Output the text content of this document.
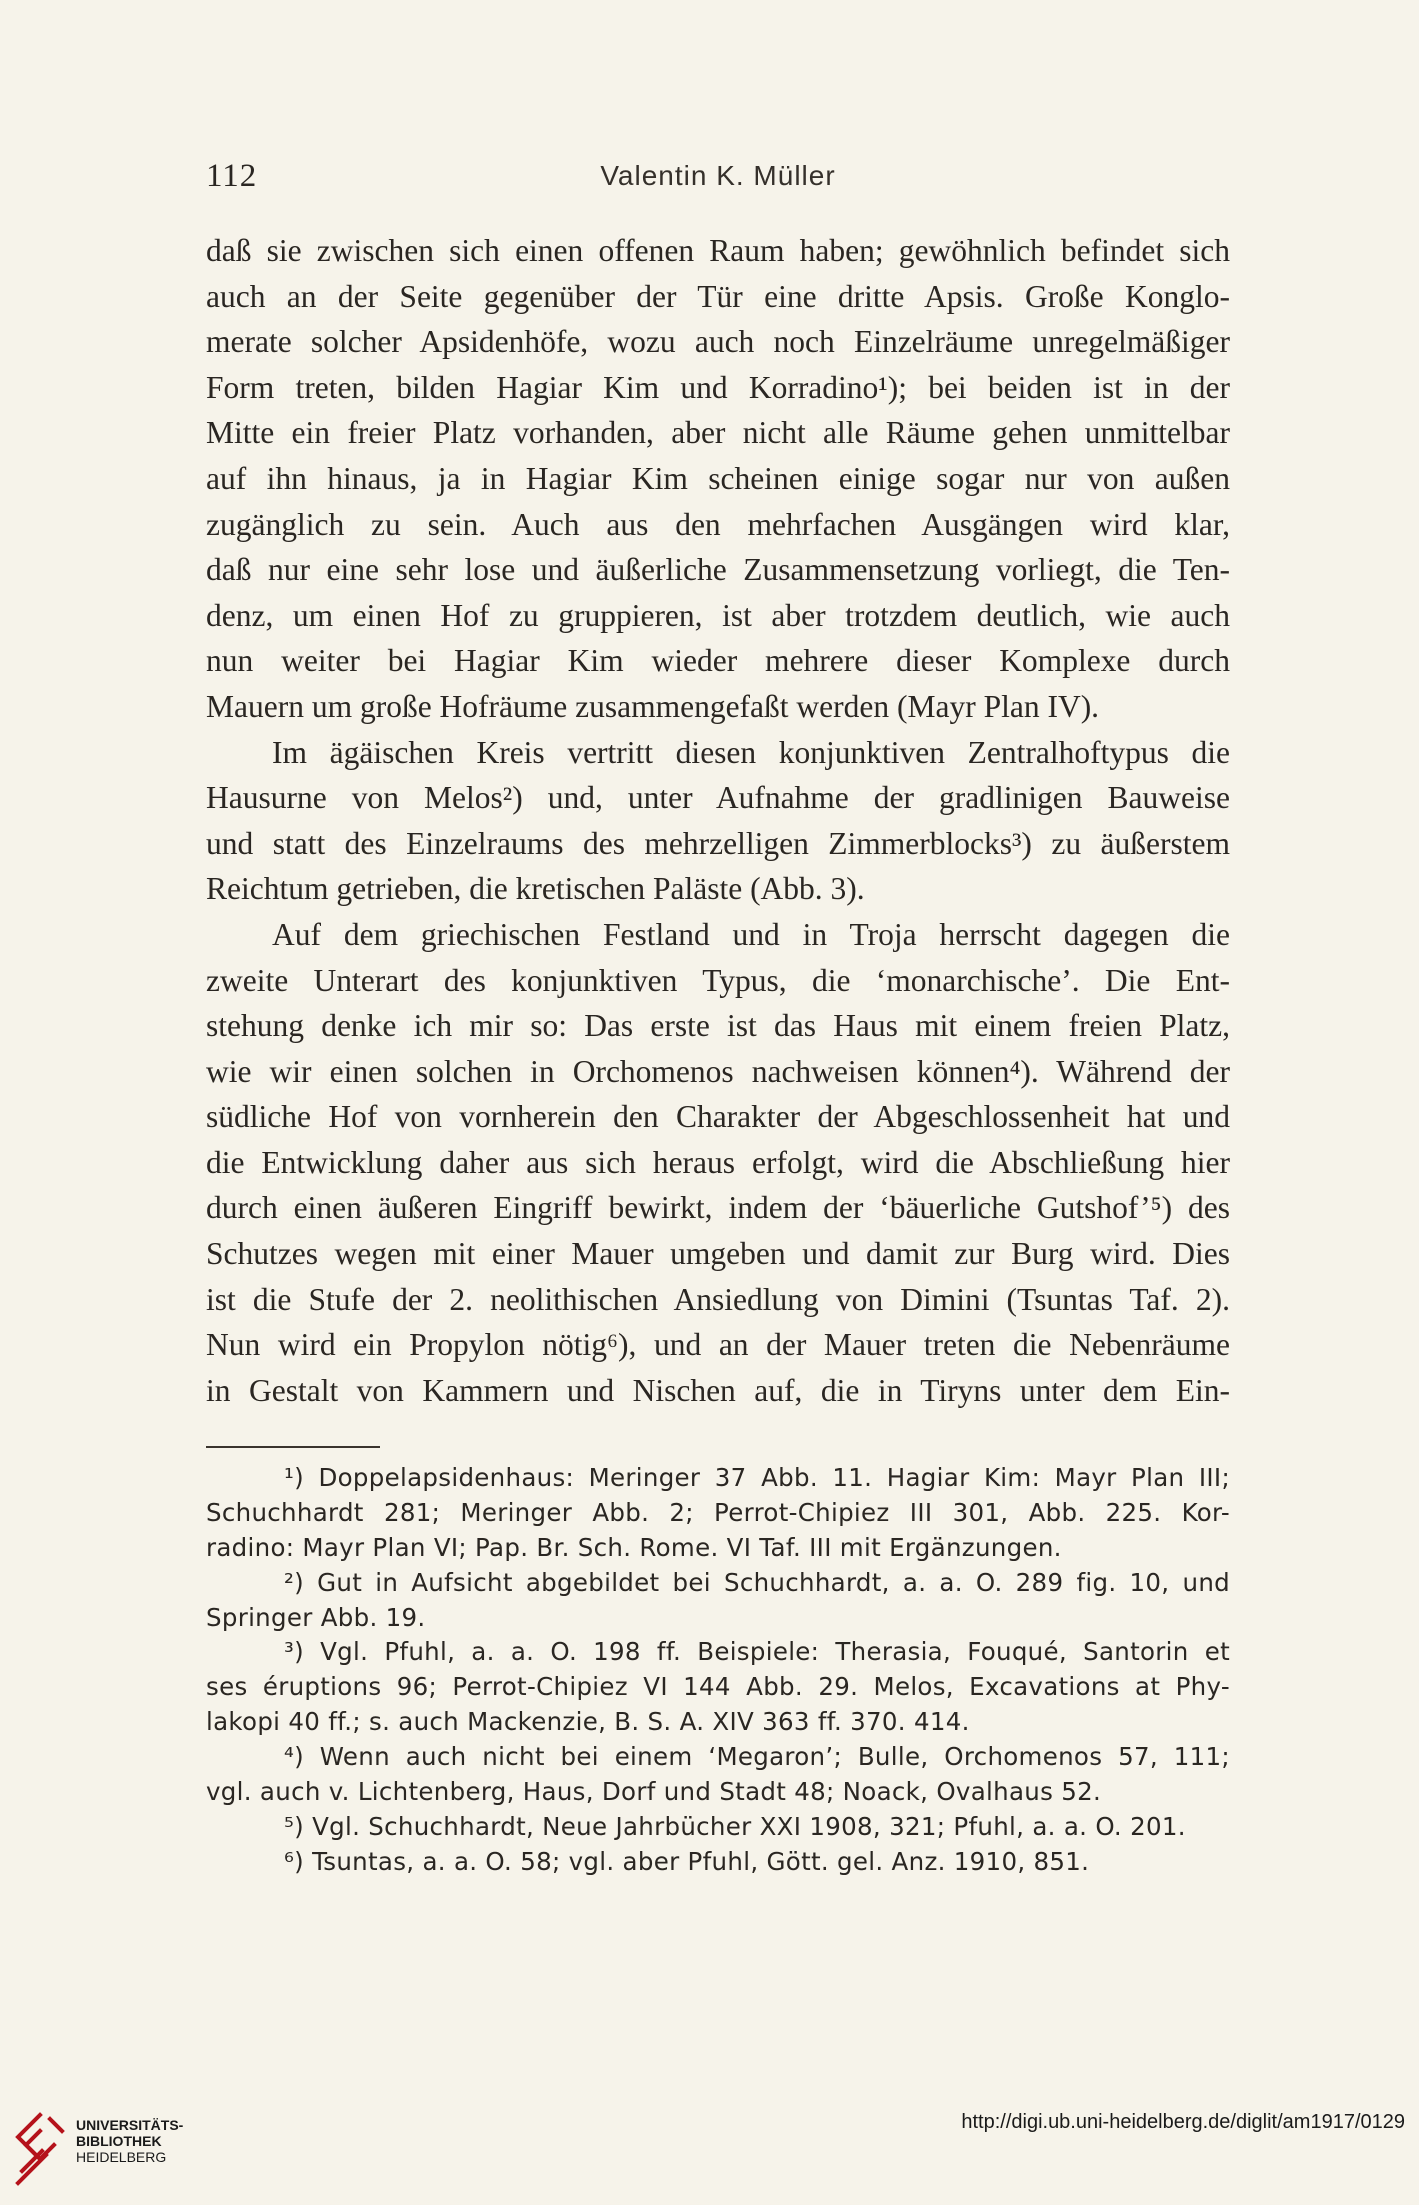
112	Valentin K. Müller
daß sie zwischen sich einen offenen Raum haben; gewöhnlich befindet sich
auch an der Seite gegenüber der Tür eine dritte Apsis. Große Konglo-
merate solcher Apsidenhöfe, wozu auch noch Einzelräume unregelmäßiger
Form treten, bilden Hagiar Kim und Korradino¹); bei beiden ist in der
Mitte ein freier Platz vorhanden, aber nicht alle Räume gehen unmittelbar
auf ihn hinaus, ja in Hagiar Kim scheinen einige sogar nur von außen
zugänglich zu sein. Auch aus den mehrfachen Ausgängen wird klar,
daß nur eine sehr lose und äußerliche Zusammensetzung vorliegt, die Ten-
denz, um einen Hof zu gruppieren, ist aber trotzdem deutlich, wie auch
nun weiter bei Hagiar Kim wieder mehrere dieser Komplexe durch
Mauern um große Hofräume zusammengefaßt werden (Mayr Plan IV).
Im ägäischen Kreis vertritt diesen konjunktiven Zentralhoftypus die
Hausurne von Melos²) und, unter Aufnahme der gradlinigen Bauweise
und statt des Einzelraums des mehrzelligen Zimmerblocks³) zu äußerstem
Reichtum getrieben, die kretischen Paläste (Abb. 3).
Auf dem griechischen Festland und in Troja herrscht dagegen die
zweite Unterart des konjunktiven Typus, die ‘monarchische’. Die Ent-
stehung denke ich mir so: Das erste ist das Haus mit einem freien Platz,
wie wir einen solchen in Orchomenos nachweisen können⁴). Während der
südliche Hof von vornherein den Charakter der Abgeschlossenheit hat und
die Entwicklung daher aus sich heraus erfolgt, wird die Abschließung hier
durch einen äußeren Eingriff bewirkt, indem der ‘bäuerliche Gutshof’⁵) des
Schutzes wegen mit einer Mauer umgeben und damit zur Burg wird. Dies
ist die Stufe der 2. neolithischen Ansiedlung von Dimini (Tsuntas Taf. 2).
Nun wird ein Propylon nötig⁶), und an der Mauer treten die Nebenräume
in Gestalt von Kammern und Nischen auf, die in Tiryns unter dem Ein-
¹) Doppelapsidenhaus: Meringer 37 Abb. 11. Hagiar Kim: Mayr Plan III;
Schuchhardt 281; Meringer Abb. 2; Perrot-Chipiez III 301, Abb. 225. Kor-
radino: Mayr Plan VI; Pap. Br. Sch. Rome. VI Taf. III mit Ergänzungen.
²) Gut in Aufsicht abgebildet bei Schuchhardt, a. a. O. 289 fig. 10, und
Springer Abb. 19.
³) Vgl. Pfuhl, a. a. O. 198 ff. Beispiele: Therasia, Fouqué, Santorin et
ses éruptions 96; Perrot-Chipiez VI 144 Abb. 29. Melos, Excavations at Phy-
lakopi 40 ff.; s. auch Mackenzie, B. S. A. XIV 363 ff. 370. 414.
⁴) Wenn auch nicht bei einem ‘Megaron’; Bulle, Orchomenos 57, 111;
vgl. auch v. Lichtenberg, Haus, Dorf und Stadt 48; Noack, Ovalhaus 52.
⁵) Vgl. Schuchhardt, Neue Jahrbücher XXI 1908, 321; Pfuhl, a. a. O. 201.
⁶) Tsuntas, a. a. O. 58; vgl. aber Pfuhl, Gött. gel. Anz. 1910, 851.
UNIVERSITÄTS-
BIBLIOTHEK
HEIDELBERG
http://digi.ub.uni-heidelberg.de/diglit/am1917/0129
